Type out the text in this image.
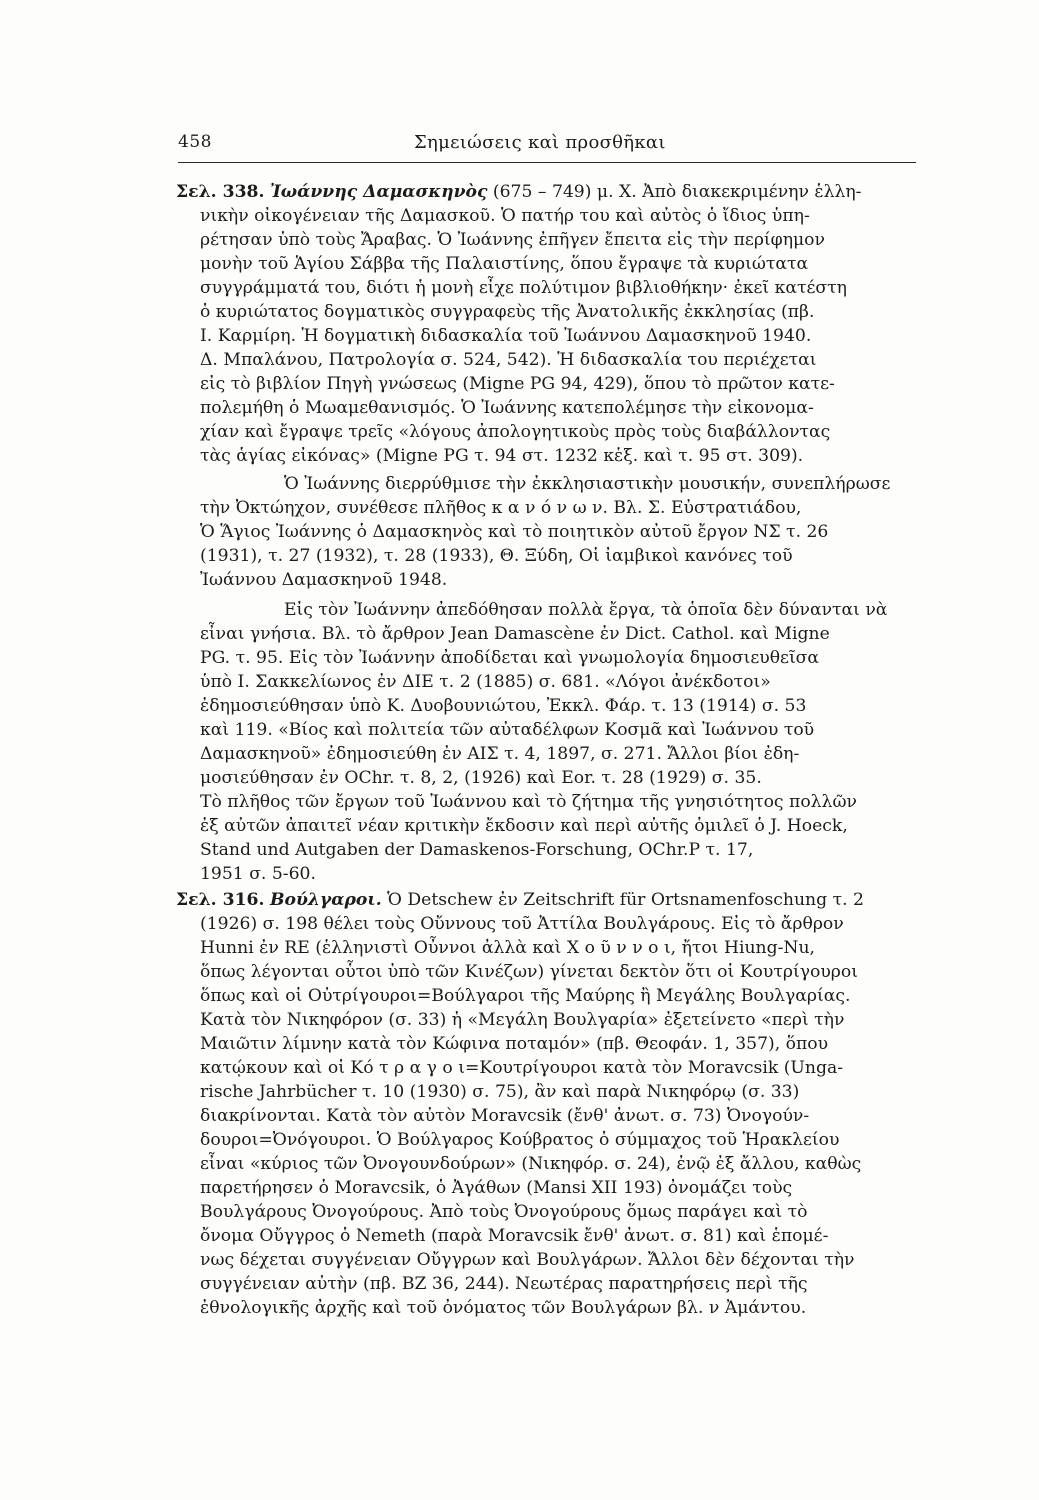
458	Σημειώσεις καὶ προσθῆκαι
Σελ. 338. Ἰωάννης Δαμασκηνὸς (675 – 749) μ. Χ. Ἀπὸ διακεκριμένην ἑλλη-
νικὴν οἰκογένειαν τῆς Δαμασκοῦ. Ὁ πατήρ του καὶ αὐτὸς ὁ ἴδιος ὑπη-
ρέτησαν ὑπὸ τοὺς Ἄραβας. Ὁ Ἰωάννης ἐπῆγεν ἔπειτα εἰς τὴν περίφημον
μονὴν τοῦ Ἁγίου Σάββα τῆς Παλαιστίνης, ὅπου ἔγραψε τὰ κυριώτατα
συγγράμματά του, διότι ἡ μονὴ εἶχε πολύτιμον βιβλιοθήκην· ἐκεῖ κατέστη
ὁ κυριώτατος δογματικὸς συγγραφεὺς τῆς Ἀνατολικῆς ἐκκλησίας (πβ.
Ι. Καρμίρη. Ἡ δογματικὴ διδασκαλία τοῦ Ἰωάννου Δαμασκηνοῦ 1940.
Δ. Μπαλάνου, Πατρολογία σ. 524, 542). Ἡ διδασκαλία του περιέχεται
εἰς τὸ βιβλίον Πηγὴ γνώσεως (Migne PG 94, 429), ὅπου τὸ πρῶτον κατε-
πολεμήθη ὁ Μωαμεθανισμός. Ὁ Ἰωάννης κατεπολέμησε τὴν εἰκονομα-
χίαν καὶ ἔγραψε τρεῖς «λόγους ἀπολογητικοὺς πρὸς τοὺς διαβάλλοντας
τὰς ἁγίας εἰκόνας» (Migne PG τ. 94 στ. 1232 κἑξ. καὶ τ. 95 στ. 309).
Ὁ Ἰωάννης διερρύθμισε τὴν ἐκκλησιαστικὴν μουσικήν, συνεπλήρωσε
τὴν Ὀκτώηχον, συνέθεσε πλῆθος κ α ν ό ν ω ν. Βλ. Σ. Εὐστρατιάδου,
Ὁ Ἅγιος Ἰωάννης ὁ Δαμασκηνὸς καὶ τὸ ποιητικὸν αὐτοῦ ἔργον ΝΣ τ. 26
(1931), τ. 27 (1932), τ. 28 (1933), Θ. Ξύδη, Οἱ ἰαμβικοὶ κανόνες τοῦ
Ἰωάννου Δαμασκηνοῦ 1948.
Εἰς τὸν Ἰωάννην ἀπεδόθησαν πολλὰ ἔργα, τὰ ὁποῖα δὲν δύνανται νὰ
εἶναι γνήσια. Βλ. τὸ ἄρθρον Jean Damascène ἐν Dict. Cathol. καὶ Migne
PG. τ. 95. Εἰς τὸν Ἰωάννην ἀποδίδεται καὶ γνωμολογία δημοσιευθεῖσα
ὑπὸ Ι. Σακκελίωνος ἐν ΔΙΕ τ. 2 (1885) σ. 681. «Λόγοι ἀνέκδοτοι»
ἐδημοσιεύθησαν ὑπὸ Κ. Δυοβουνιώτου, Ἐκκλ. Φάρ. τ. 13 (1914) σ. 53
καὶ 119. «Βίος καὶ πολιτεία τῶν αὐταδέλφων Κοσμᾶ καὶ Ἰωάννου τοῦ
Δαμασκηνοῦ» ἐδημοσιεύθη ἐν ΑΙΣ τ. 4, 1897, σ. 271. Ἄλλοι βίοι ἐδη-
μοσιεύθησαν ἐν OChr. τ. 8, 2, (1926) καὶ Eor. τ. 28 (1929) σ. 35.
Τὸ πλῆθος τῶν ἔργων τοῦ Ἰωάννου καὶ τὸ ζήτημα τῆς γνησιότητος πολλῶν
ἐξ αὐτῶν ἀπαιτεῖ νέαν κριτικὴν ἔκδοσιν καὶ περὶ αὐτῆς ὁμιλεῖ ὁ J. Hoeck,
Stand und Autgaben der Damaskenos-Forschung, OChr.P τ. 17,
1951 σ. 5-60.
Σελ. 316. Βούλγαροι. Ὁ Detschew ἐν Zeitschrift für Ortsnamenfoschung τ. 2
(1926) σ. 198 θέλει τοὺς Οὔννους τοῦ Ἀττίλα Βουλγάρους. Εἰς τὸ ἄρθρον
Hunni ἐν RE (ἑλληνιστὶ Οὖννοι ἀλλὰ καὶ Χ ο ῦ ν ν ο ι, ἤτοι Hiung-Nu,
ὅπως λέγονται οὗτοι ὑπὸ τῶν Κινέζων) γίνεται δεκτὸν ὅτι οἱ Κουτρίγουροι
ὅπως καὶ οἱ Οὐτρίγουροι=Βούλγαροι τῆς Μαύρης ἢ Μεγάλης Βουλγαρίας.
Κατὰ τὸν Νικηφόρον (σ. 33) ἡ «Μεγάλη Βουλγαρία» ἐξετείνετο «περὶ τὴν
Μαιῶτιν λίμνην κατὰ τὸν Κώφινα ποταμόν» (πβ. Θεοφάν. 1, 357), ὅπου
κατῴκουν καὶ οἱ Κό τ ρ α γ ο ι=Κουτρίγουροι κατὰ τὸν Moravcsik (Unga-
rische Jahrbücher τ. 10 (1930) σ. 75), ἂν καὶ παρὰ Νικηφόρῳ (σ. 33)
διακρίνονται. Κατὰ τὸν αὐτὸν Moravcsik (ἔνθ' ἀνωτ. σ. 73) Ὀνογούν-
δουροι=Ὀνόγουροι. Ὁ Βούλγαρος Κούβρατος ὁ σύμμαχος τοῦ Ἡρακλείου
εἶναι «κύριος τῶν Ὀνογουνδούρων» (Νικηφόρ. σ. 24), ἐνῷ ἐξ ἄλλου, καθὼς
παρετήρησεν ὁ Moravcsik, ὁ Ἀγάθων (Mansi XII 193) ὀνομάζει τοὺς
Βουλγάρους Ὀνογούρους. Ἀπὸ τοὺς Ὀνογούρους ὅμως παράγει καὶ τὸ
ὄνομα Οὔγγρος ὁ Nemeth (παρὰ Moravcsik ἔνθ' ἀνωτ. σ. 81) καὶ ἑπομέ-
νως δέχεται συγγένειαν Οὔγγρων καὶ Βουλγάρων. Ἄλλοι δὲν δέχονται τὴν
συγγένειαν αὐτὴν (πβ. BZ 36, 244). Νεωτέρας παρατηρήσεις περὶ τῆς
ἐθνολογικῆς ἀρχῆς καὶ τοῦ ὀνόματος τῶν Βουλγάρων βλ. ν Ἀμάντου.
